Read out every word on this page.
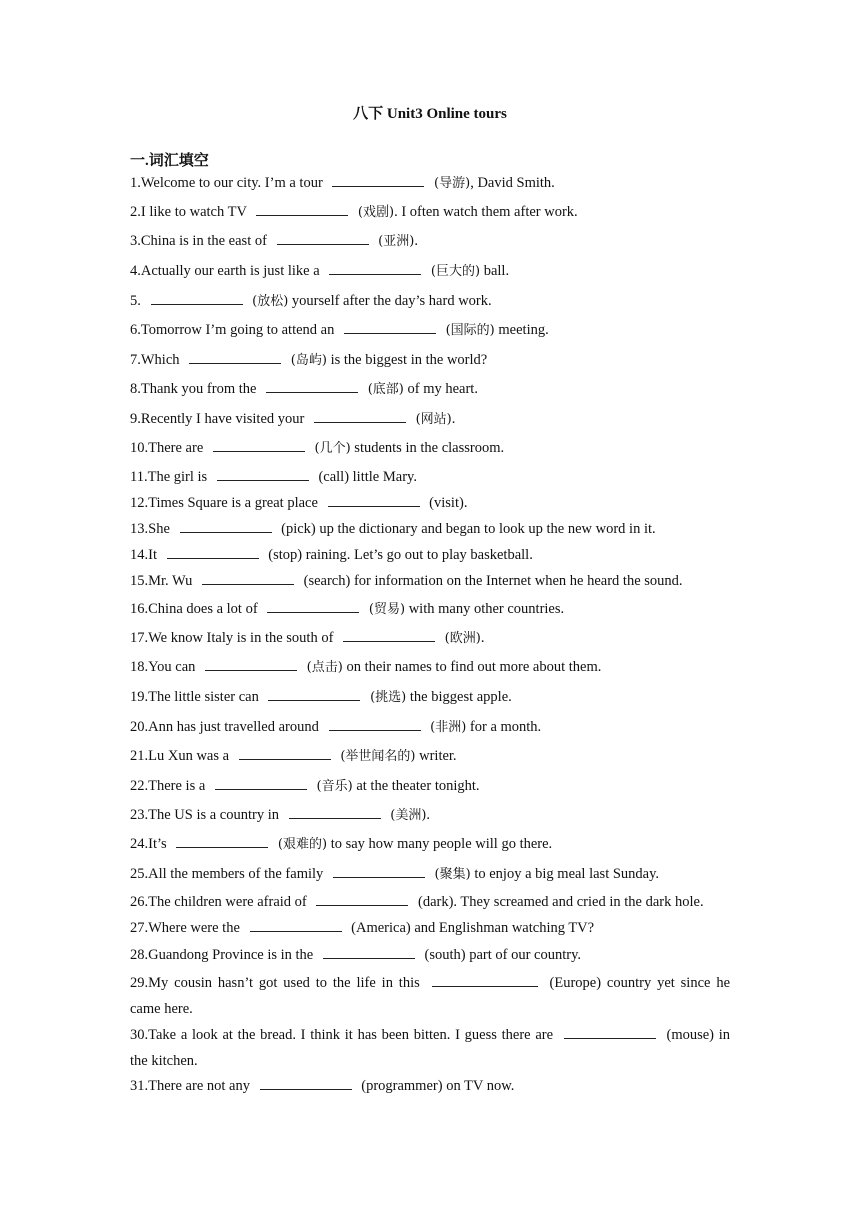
八下 Unit3 Online tours
一.词汇填空
1.Welcome to our city. I’m a tour	(导游), David Smith.
2.I like to watch TV	(戏剧). I often watch them after work.
3.China is in the east of	(亚洲).
4.Actually our earth is just like a	(巨大的) ball.
5.	(放松) yourself after the day’s hard work.
6.Tomorrow I’m going to attend an	(国际的) meeting.
7.Which	(岛屿) is the biggest in the world?
8.Thank you from the	(底部) of my heart.
9.Recently I have visited your	(网站).
10.There are	(几个) students in the classroom.
11.The girl is	(call) little Mary.
12.Times Square is a great place	(visit).
13.She	(pick) up the dictionary and began to look up the new word in it.
14.It	(stop) raining. Let’s go out to play basketball.
15.Mr. Wu	(search) for information on the Internet when he heard the sound.
16.China does a lot of	(贸易) with many other countries.
17.We know Italy is in the south of	(欧洲).
18.You can	(点击) on their names to find out more about them.
19.The little sister can	(挑选) the biggest apple.
20.Ann has just travelled around	(非洲) for a month.
21.Lu Xun was a	(举世闻名的) writer.
22.There is a	(音乐) at the theater tonight.
23.The US is a country in	(美洲).
24.It’s	(艰难的) to say how many people will go there.
25.All the members of the family	(聚集) to enjoy a big meal last Sunday.
26.The children were afraid of	(dark). They screamed and cried in the dark hole.
27.Where were the	(America) and Englishman watching TV?
28.Guandong Province is in the	(south) part of our country.
29.My cousin hasn’t got used to the life in this	(Europe) country yet since he came here.
30.Take a look at the bread. I think it has been bitten. I guess there are	(mouse) in the kitchen.
31.There are not any	(programmer) on TV now.
